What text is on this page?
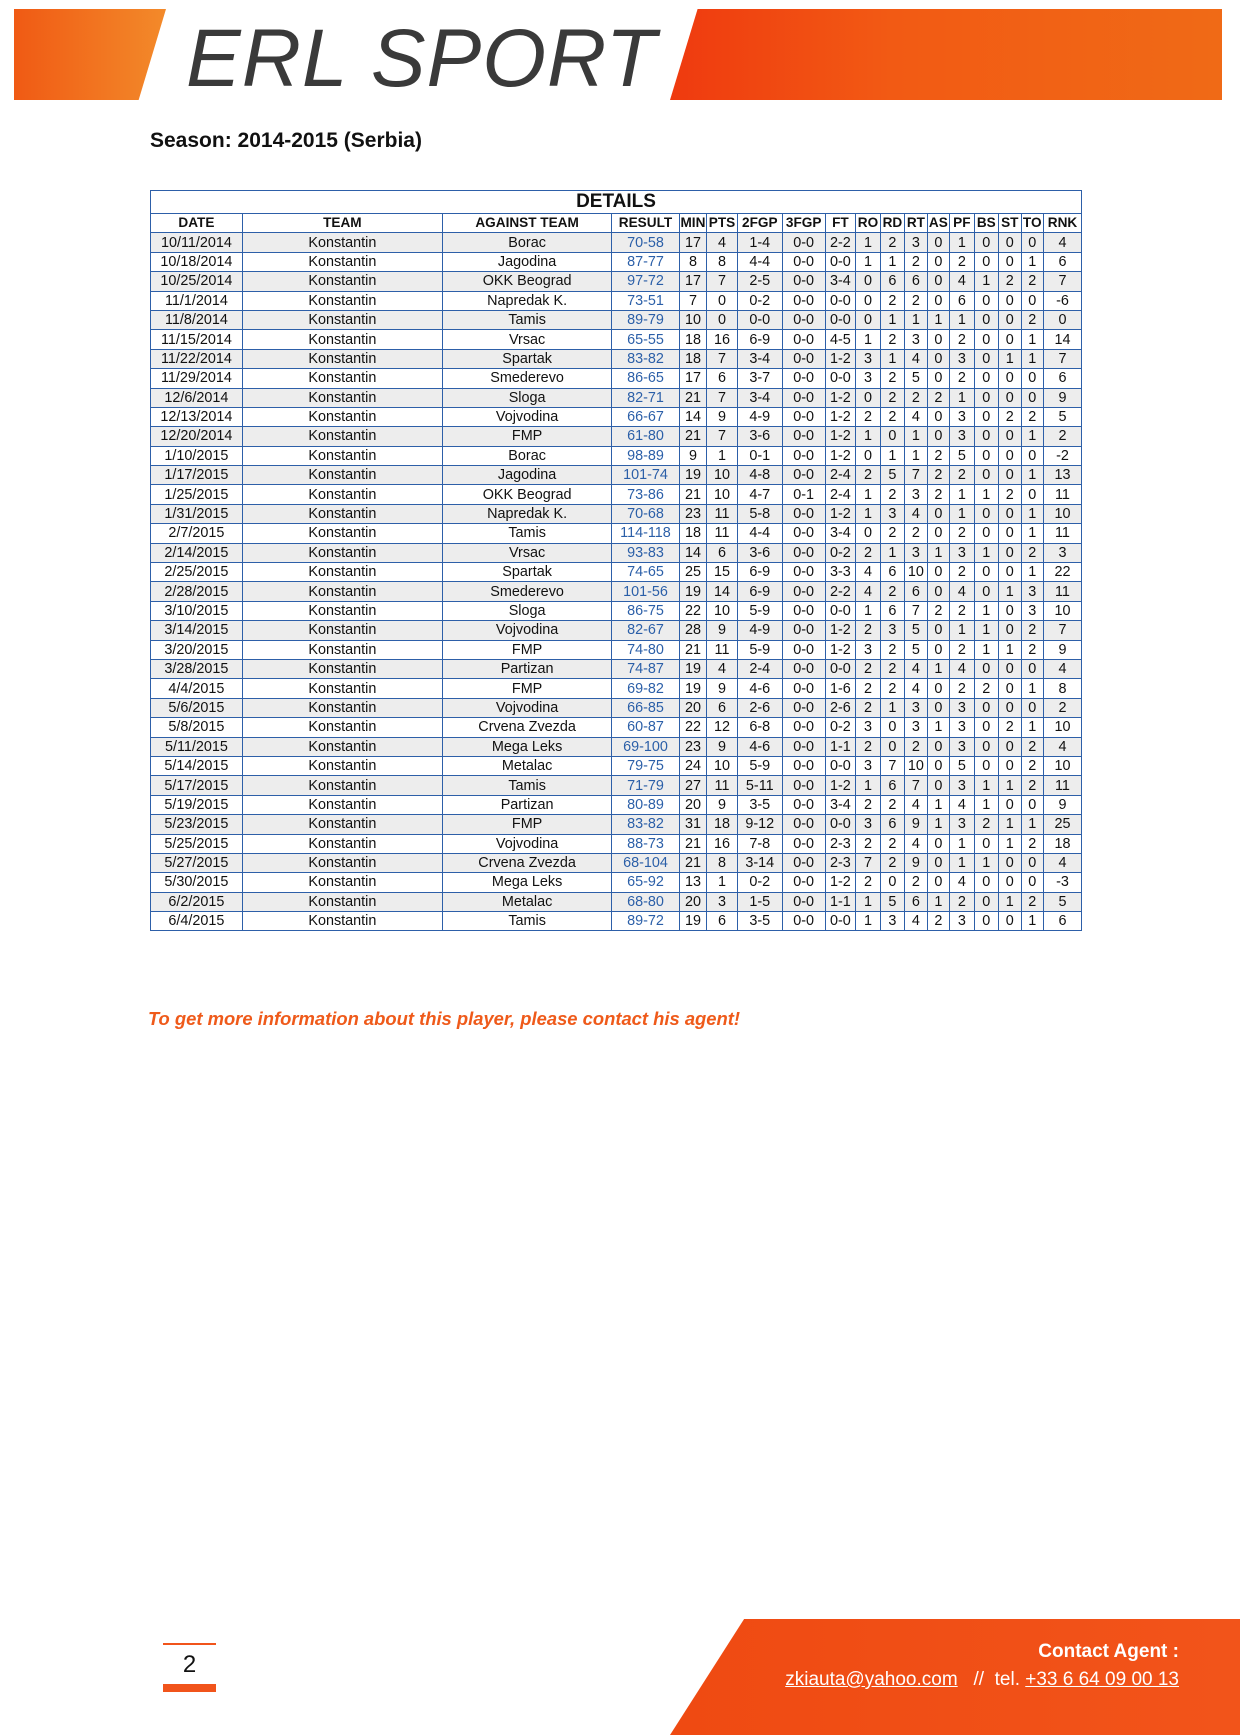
ERL SPORT
Season: 2014-2015 (Serbia)
DETAILS																	
DATE	TEAM	AGAINST TEAM	RESULT	MIN	PTS	2FGP	3FGP	FT	RO	RD	RT	AS	PF	BS	ST	TO	RNK
10/11/2014	Konstantin	Borac	70-58	17	4	1-4	0-0	2-2	1	2	3	0	1	0	0	0	4
10/18/2014	Konstantin	Jagodina	87-77	8	8	4-4	0-0	0-0	1	1	2	0	2	0	0	1	6
10/25/2014	Konstantin	OKK Beograd	97-72	17	7	2-5	0-0	3-4	0	6	6	0	4	1	2	2	7
11/1/2014	Konstantin	Napredak K.	73-51	7	0	0-2	0-0	0-0	0	2	2	0	6	0	0	0	-6
11/8/2014	Konstantin	Tamis	89-79	10	0	0-0	0-0	0-0	0	1	1	1	1	0	0	2	0
11/15/2014	Konstantin	Vrsac	65-55	18	16	6-9	0-0	4-5	1	2	3	0	2	0	0	1	14
11/22/2014	Konstantin	Spartak	83-82	18	7	3-4	0-0	1-2	3	1	4	0	3	0	1	1	7
11/29/2014	Konstantin	Smederevo	86-65	17	6	3-7	0-0	0-0	3	2	5	0	2	0	0	0	6
12/6/2014	Konstantin	Sloga	82-71	21	7	3-4	0-0	1-2	0	2	2	2	1	0	0	0	9
12/13/2014	Konstantin	Vojvodina	66-67	14	9	4-9	0-0	1-2	2	2	4	0	3	0	2	2	5
12/20/2014	Konstantin	FMP	61-80	21	7	3-6	0-0	1-2	1	0	1	0	3	0	0	1	2
1/10/2015	Konstantin	Borac	98-89	9	1	0-1	0-0	1-2	0	1	1	2	5	0	0	0	-2
1/17/2015	Konstantin	Jagodina	101-74	19	10	4-8	0-0	2-4	2	5	7	2	2	0	0	1	13
1/25/2015	Konstantin	OKK Beograd	73-86	21	10	4-7	0-1	2-4	1	2	3	2	1	1	2	0	11
1/31/2015	Konstantin	Napredak K.	70-68	23	11	5-8	0-0	1-2	1	3	4	0	1	0	0	1	10
2/7/2015	Konstantin	Tamis	114-118	18	11	4-4	0-0	3-4	0	2	2	0	2	0	0	1	11
2/14/2015	Konstantin	Vrsac	93-83	14	6	3-6	0-0	0-2	2	1	3	1	3	1	0	2	3
2/25/2015	Konstantin	Spartak	74-65	25	15	6-9	0-0	3-3	4	6	10	0	2	0	0	1	22
2/28/2015	Konstantin	Smederevo	101-56	19	14	6-9	0-0	2-2	4	2	6	0	4	0	1	3	11
3/10/2015	Konstantin	Sloga	86-75	22	10	5-9	0-0	0-0	1	6	7	2	2	1	0	3	10
3/14/2015	Konstantin	Vojvodina	82-67	28	9	4-9	0-0	1-2	2	3	5	0	1	1	0	2	7
3/20/2015	Konstantin	FMP	74-80	21	11	5-9	0-0	1-2	3	2	5	0	2	1	1	2	9
3/28/2015	Konstantin	Partizan	74-87	19	4	2-4	0-0	0-0	2	2	4	1	4	0	0	0	4
4/4/2015	Konstantin	FMP	69-82	19	9	4-6	0-0	1-6	2	2	4	0	2	2	0	1	8
5/6/2015	Konstantin	Vojvodina	66-85	20	6	2-6	0-0	2-6	2	1	3	0	3	0	0	0	2
5/8/2015	Konstantin	Crvena Zvezda	60-87	22	12	6-8	0-0	0-2	3	0	3	1	3	0	2	1	10
5/11/2015	Konstantin	Mega Leks	69-100	23	9	4-6	0-0	1-1	2	0	2	0	3	0	0	2	4
5/14/2015	Konstantin	Metalac	79-75	24	10	5-9	0-0	0-0	3	7	10	0	5	0	0	2	10
5/17/2015	Konstantin	Tamis	71-79	27	11	5-11	0-0	1-2	1	6	7	0	3	1	1	2	11
5/19/2015	Konstantin	Partizan	80-89	20	9	3-5	0-0	3-4	2	2	4	1	4	1	0	0	9
5/23/2015	Konstantin	FMP	83-82	31	18	9-12	0-0	0-0	3	6	9	1	3	2	1	1	25
5/25/2015	Konstantin	Vojvodina	88-73	21	16	7-8	0-0	2-3	2	2	4	0	1	0	1	2	18
5/27/2015	Konstantin	Crvena Zvezda	68-104	21	8	3-14	0-0	2-3	7	2	9	0	1	1	0	0	4
5/30/2015	Konstantin	Mega Leks	65-92	13	1	0-2	0-0	1-2	2	0	2	0	4	0	0	0	-3
6/2/2015	Konstantin	Metalac	68-80	20	3	1-5	0-0	1-1	1	5	6	1	2	0	1	2	5
6/4/2015	Konstantin	Tamis	89-72	19	6	3-5	0-0	0-0	1	3	4	2	3	0	0	1	6
To get more information about this player, please contact his agent!
2	Contact Agent :
zkiauta@yahoo.com // tel. +33 6 64 09 00 13
